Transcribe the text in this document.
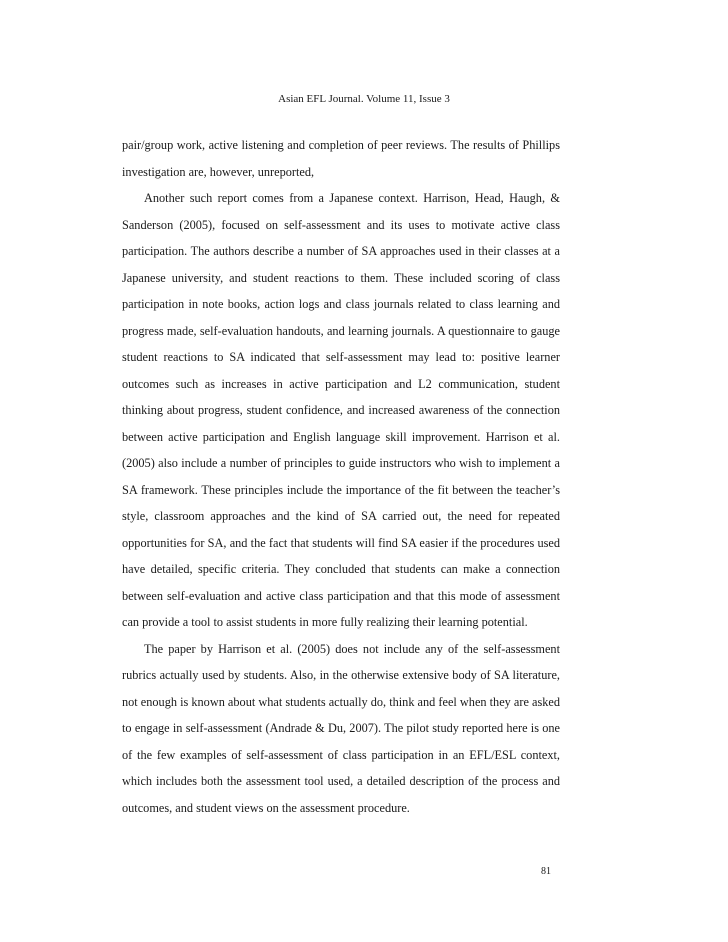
Asian EFL Journal. Volume 11, Issue 3

pair/group work, active listening and completion of peer reviews. The results of Phillips investigation are, however, unreported,

Another such report comes from a Japanese context. Harrison, Head, Haugh, & Sanderson (2005), focused on self-assessment and its uses to motivate active class participation. The authors describe a number of SA approaches used in their classes at a Japanese university, and student reactions to them. These included scoring of class participation in note books, action logs and class journals related to class learning and progress made, self-evaluation handouts, and learning journals. A questionnaire to gauge student reactions to SA indicated that self-assessment may lead to: positive learner outcomes such as increases in active participation and L2 communication, student thinking about progress, student confidence, and increased awareness of the connection between active participation and English language skill improvement. Harrison et al. (2005) also include a number of principles to guide instructors who wish to implement a SA framework. These principles include the importance of the fit between the teacher’s style, classroom approaches and the kind of SA carried out, the need for repeated opportunities for SA, and the fact that students will find SA easier if the procedures used have detailed, specific criteria. They concluded that students can make a connection between self-evaluation and active class participation and that this mode of assessment can provide a tool to assist students in more fully realizing their learning potential.

The paper by Harrison et al. (2005) does not include any of the self-assessment rubrics actually used by students. Also, in the otherwise extensive body of SA literature, not enough is known about what students actually do, think and feel when they are asked to engage in self-assessment (Andrade & Du, 2007). The pilot study reported here is one of the few examples of self-assessment of class participation in an EFL/ESL context, which includes both the assessment tool used, a detailed description of the process and outcomes, and student views on the assessment procedure.

81
